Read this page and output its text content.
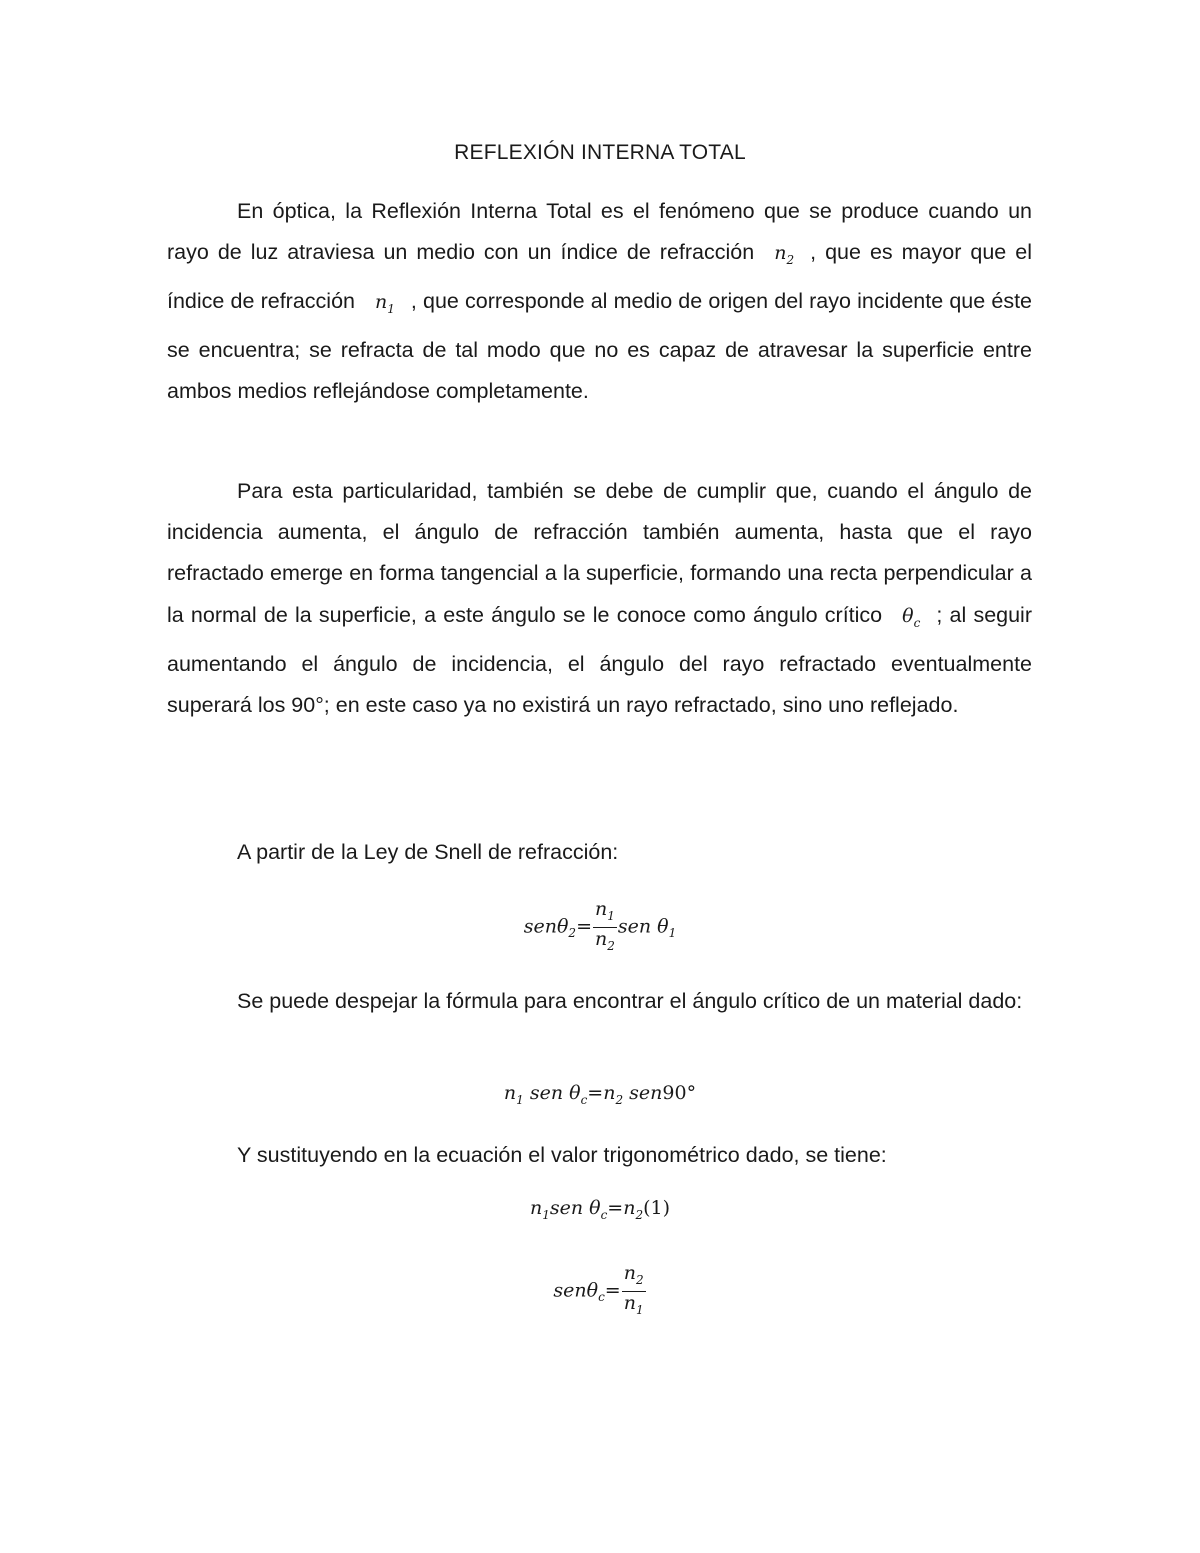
REFLEXIÓN INTERNA TOTAL
En óptica, la Reflexión Interna Total es el fenómeno que se produce cuando un rayo de luz atraviesa un medio con un índice de refracción $n_2$ , que es mayor que el índice de refracción $n_1$ , que corresponde al medio de origen del rayo incidente que éste se encuentra; se refracta de tal modo que no es capaz de atravesar la superficie entre ambos medios reflejándose completamente.
Para esta particularidad, también se debe de cumplir que, cuando el ángulo de incidencia aumenta, el ángulo de refracción también aumenta, hasta que el rayo refractado emerge en forma tangencial a la superficie, formando una recta perpendicular a la normal de la superficie, a este ángulo se le conoce como ángulo crítico $\theta_c$ ; al seguir aumentando el ángulo de incidencia, el ángulo del rayo refractado eventualmente superará los 90°; en este caso ya no existirá un rayo refractado, sino uno reflejado.
A partir de la Ley de Snell de refracción:
$sen\theta_2= \frac{n_1}{n_2}$ sen $\theta_1$
Se puede despejar la fórmula para encontrar el ángulo crítico de un material dado:
$n_1$ sen $\theta_c=n_2$ sen90°
Y sustituyendo en la ecuación el valor trigonométrico dado, se tiene:
$n_1sen$ $\theta_c=n_2(1)$
$sen\theta_c= \frac{n_2}{n_1}$
